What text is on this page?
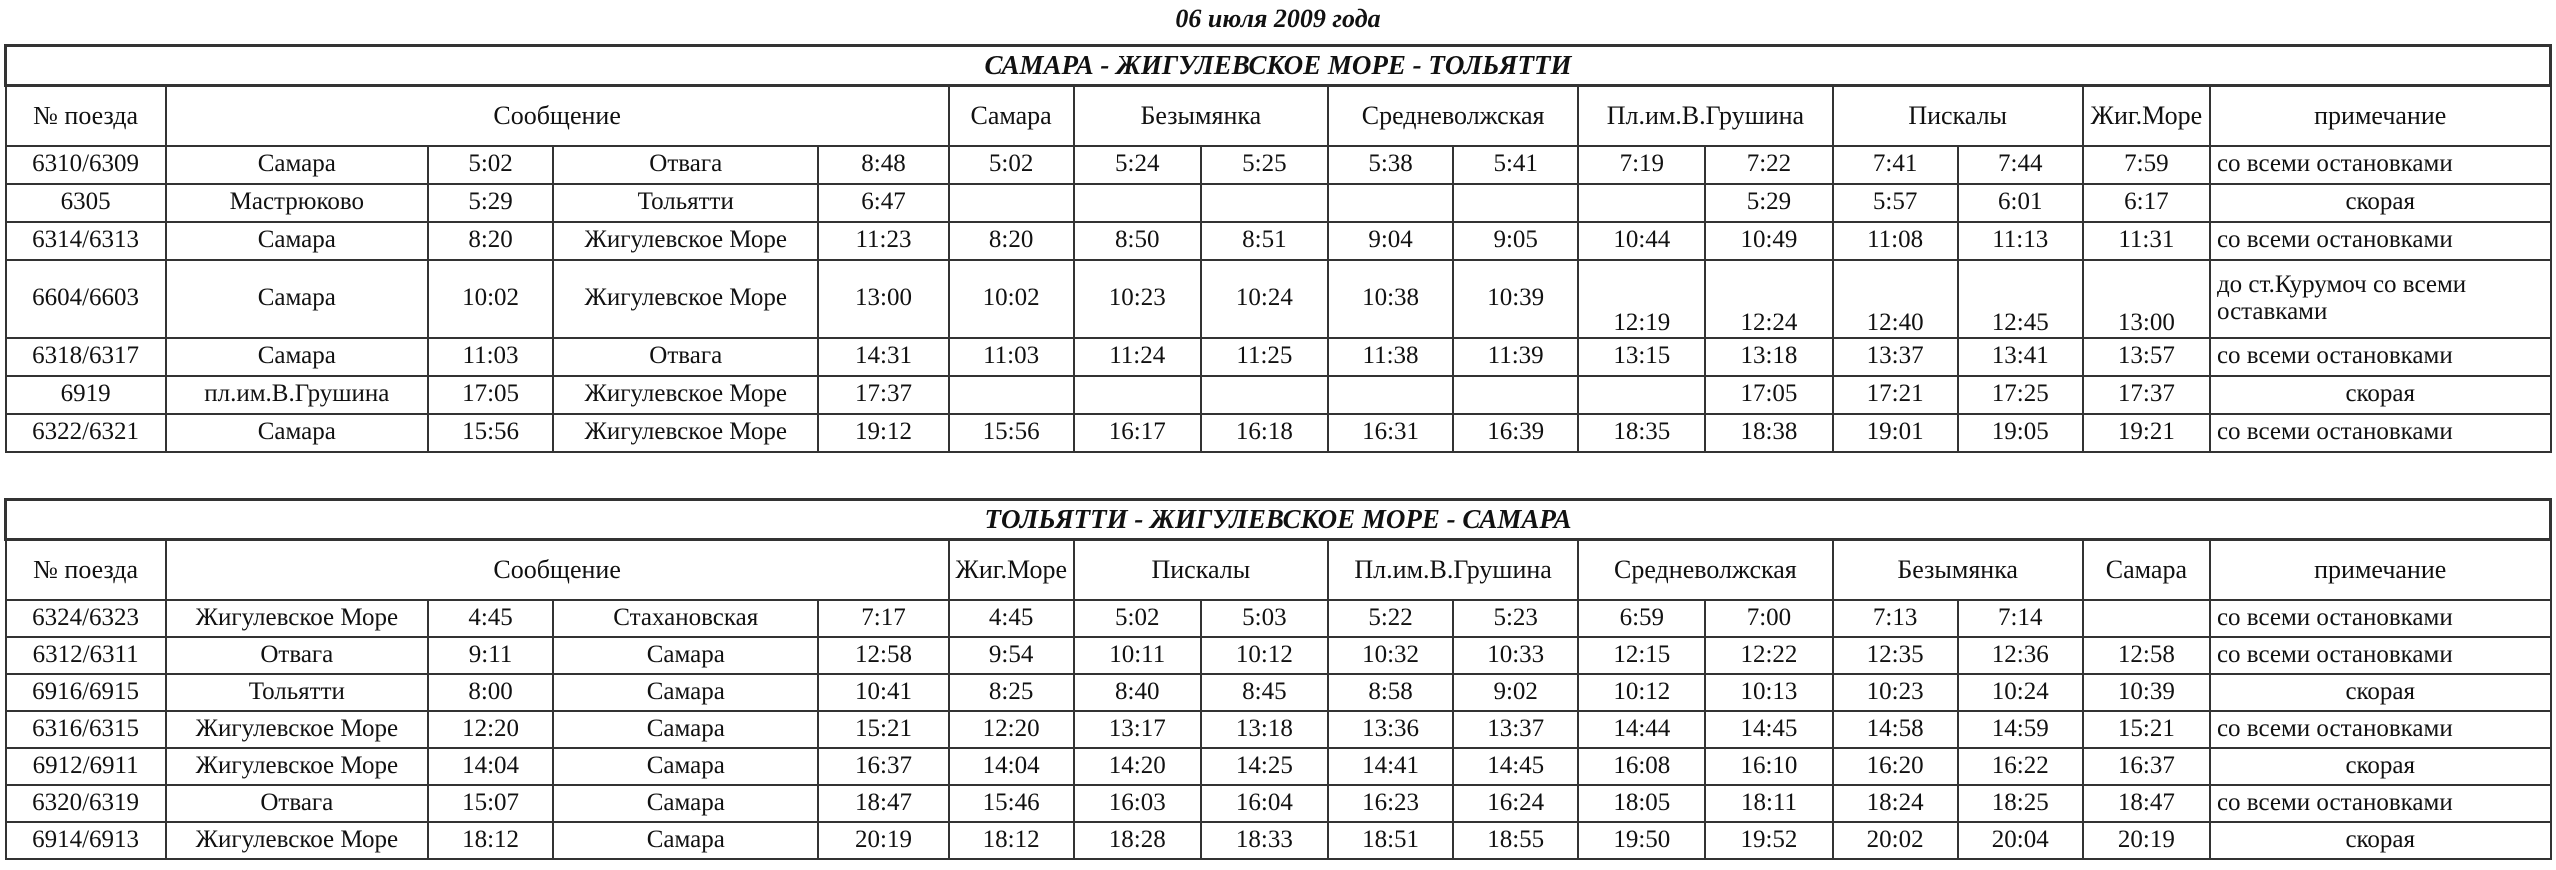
06 июля 2009 года
САМАРА - ЖИГУЛЕВСКОЕ МОРЕ - ТОЛЬЯТТИ															
№ поезда	Сообщение				Самара	Безымянка		Средневолжская		Пл.им.В.Грушина		Пискалы		Жиг.Море	примечание
6310/6309	Самара	5:02	Отвага	8:48	5:02	5:24	5:25	5:38	5:41	7:19	7:22	7:41	7:44	7:59	со всеми остановками
6305	Мастрюково	5:29	Тольятти	6:47							5:29	5:57	6:01	6:17	скорая
6314/6313	Самара	8:20	Жигулевское Море	11:23	8:20	8:50	8:51	9:04	9:05	10:44	10:49	11:08	11:13	11:31	со всеми остановками
6604/6603	Самара	10:02	Жигулевское Море	13:00	10:02	10:23	10:24	10:38	10:39	12:19	12:24	12:40	12:45	13:00	до ст.Курумоч со всеми оставками
6318/6317	Самара	11:03	Отвага	14:31	11:03	11:24	11:25	11:38	11:39	13:15	13:18	13:37	13:41	13:57	со всеми остановками
6919	пл.им.В.Грушина	17:05	Жигулевское Море	17:37							17:05	17:21	17:25	17:37	скорая
6322/6321	Самара	15:56	Жигулевское Море	19:12	15:56	16:17	16:18	16:31	16:39	18:35	18:38	19:01	19:05	19:21	со всеми остановками
ТОЛЬЯТТИ - ЖИГУЛЕВСКОЕ МОРЕ - САМАРА															
№ поезда	Сообщение				Жиг.Море	Пискалы		Пл.им.В.Грушина		Средневолжская		Безымянка		Самара	примечание
6324/6323	Жигулевское Море	4:45	Стахановская	7:17	4:45	5:02	5:03	5:22	5:23	6:59	7:00	7:13	7:14		со всеми остановками
6312/6311	Отвага	9:11	Самара	12:58	9:54	10:11	10:12	10:32	10:33	12:15	12:22	12:35	12:36	12:58	со всеми остановками
6916/6915	Тольятти	8:00	Самара	10:41	8:25	8:40	8:45	8:58	9:02	10:12	10:13	10:23	10:24	10:39	скорая
6316/6315	Жигулевское Море	12:20	Самара	15:21	12:20	13:17	13:18	13:36	13:37	14:44	14:45	14:58	14:59	15:21	со всеми остановками
6912/6911	Жигулевское Море	14:04	Самара	16:37	14:04	14:20	14:25	14:41	14:45	16:08	16:10	16:20	16:22	16:37	скорая
6320/6319	Отвага	15:07	Самара	18:47	15:46	16:03	16:04	16:23	16:24	18:05	18:11	18:24	18:25	18:47	со всеми остановками
6914/6913	Жигулевское Море	18:12	Самара	20:19	18:12	18:28	18:33	18:51	18:55	19:50	19:52	20:02	20:04	20:19	скорая
